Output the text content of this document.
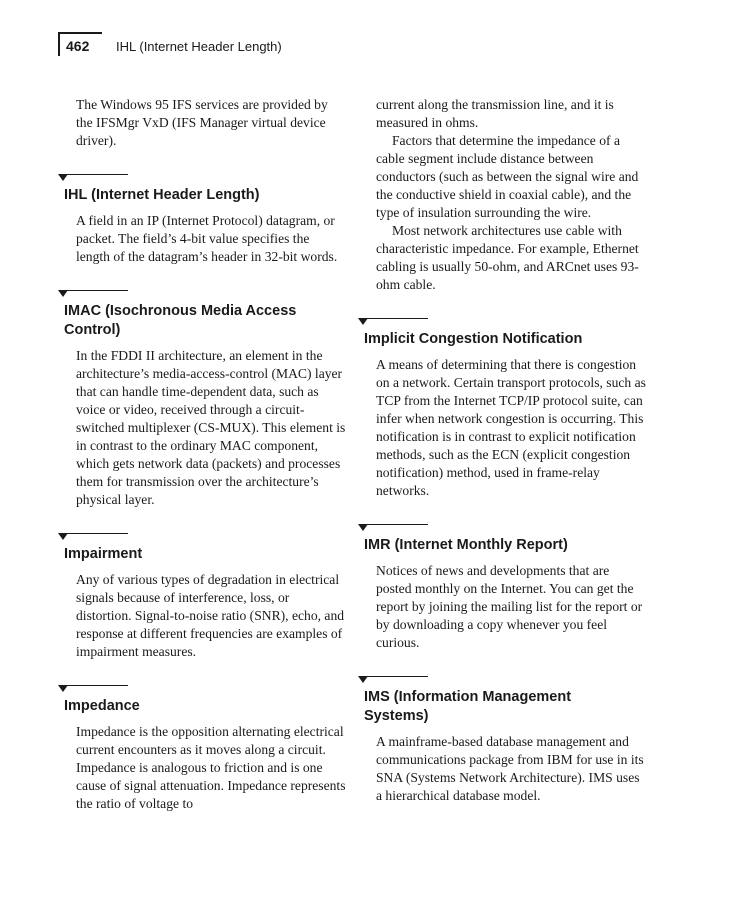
462 IHL (Internet Header Length)

The Windows 95 IFS services are provided by the IFSMgr VxD (IFS Manager virtual device driver).

IHL (Internet Header Length)

A field in an IP (Internet Protocol) datagram, or packet. The field’s 4-bit value specifies the length of the datagram’s header in 32-bit words.

IMAC (Isochronous Media Access Control)

In the FDDI II architecture, an element in the architecture’s media-access-control (MAC) layer that can handle time-dependent data, such as voice or video, received through a circuit-switched multiplexer (CS-MUX). This element is in contrast to the ordinary MAC component, which gets network data (packets) and processes them for transmission over the architecture’s physical layer.

Impairment

Any of various types of degradation in electrical signals because of interference, loss, or distortion. Signal-to-noise ratio (SNR), echo, and response at different frequencies are examples of impairment measures.

Impedance

Impedance is the opposition alternating electrical current encounters as it moves along a circuit. Impedance is analogous to friction and is one cause of signal attenuation. Impedance represents the ratio of voltage to

current along the transmission line, and it is measured in ohms.

Factors that determine the impedance of a cable segment include distance between conductors (such as between the signal wire and the conductive shield in coaxial cable), and the type of insulation surrounding the wire.

Most network architectures use cable with characteristic impedance. For example, Ethernet cabling is usually 50-ohm, and ARCnet uses 93-ohm cable.

Implicit Congestion Notification

A means of determining that there is congestion on a network. Certain transport protocols, such as TCP from the Internet TCP/IP protocol suite, can infer when network congestion is occurring. This notification is in contrast to explicit notification methods, such as the ECN (explicit congestion notification) method, used in frame-relay networks.

IMR (Internet Monthly Report)

Notices of news and developments that are posted monthly on the Internet. You can get the report by joining the mailing list for the report or by downloading a copy whenever you feel curious.

IMS (Information Management Systems)

A mainframe-based database management and communications package from IBM for use in its SNA (Systems Network Architecture). IMS uses a hierarchical database model.
